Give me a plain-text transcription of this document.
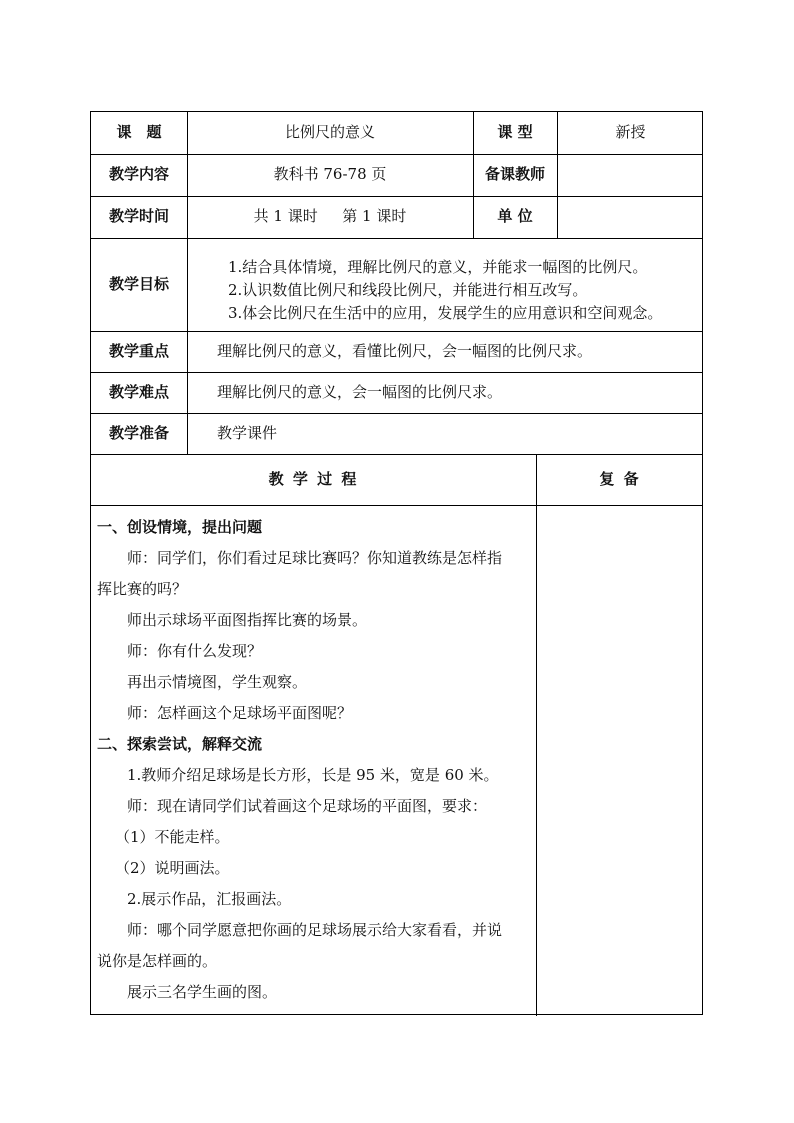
课　题	比例尺的意义	课 型	新授
教学内容	教科书 76-78 页	备课教师
教学时间	共 1 课时　  第 1 课时	单 位
教学目标
1.结合具体情境，理解比例尺的意义，并能求一幅图的比例尺。
2.认识数值比例尺和线段比例尺，并能进行相互改写。
3.体会比例尺在生活中的应用，发展学生的应用意识和空间观念。
教学重点	理解比例尺的意义，看懂比例尺，会一幅图的比例尺求。
教学难点	理解比例尺的意义，会一幅图的比例尺求。
教学准备	教学课件
教 学 过 程	复 备

一、创设情境，提出问题

师：同学们，你们看过足球比赛吗？你知道教练是怎样指

挥比赛的吗？

师出示球场平面图指挥比赛的场景。

师：你有什么发现？

再出示情境图，学生观察。

师：怎样画这个足球场平面图呢？

二、探索尝试，解释交流

1.教师介绍足球场是长方形，长是 95 米，宽是 60 米。

师：现在请同学们试着画这个足球场的平面图，要求：

（1）不能走样。

（2）说明画法。

2.展示作品，汇报画法。

师：哪个同学愿意把你画的足球场展示给大家看看，并说

说你是怎样画的。

展示三名学生画的图。
